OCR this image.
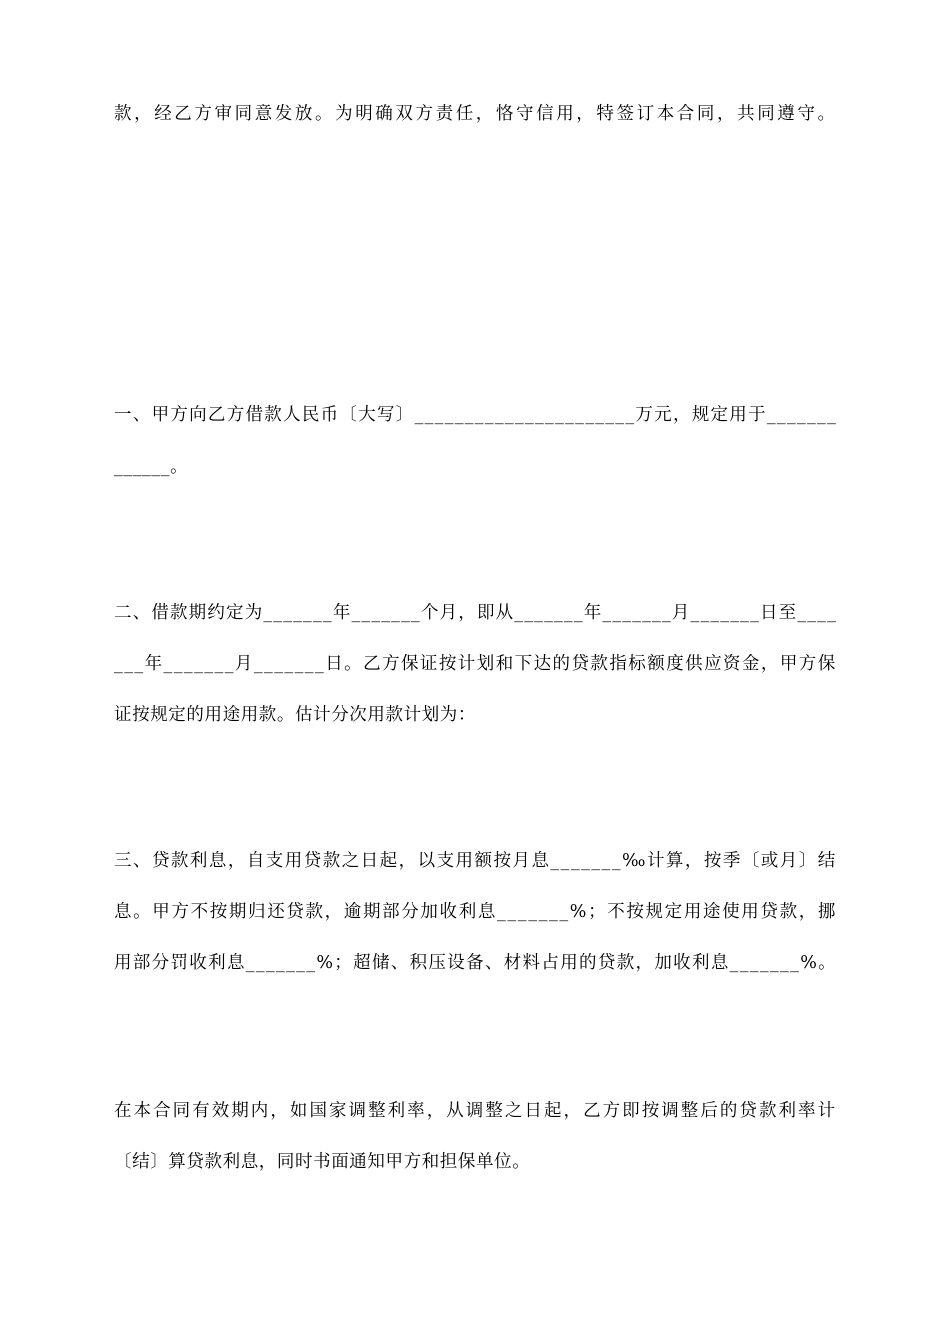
款，经乙方审同意发放。为明确双方责任，恪守信用，特签订本合同，共同遵守。
一、甲方向乙方借款人民币〔大写〕______________________万元，规定用于_______
______。
二、借款期约定为_______年_______个月，即从_______年_______月_______日至____
___年_______月_______日。乙方保证按计划和下达的贷款指标额度供应资金，甲方保
证按规定的用途用款。估计分次用款计划为：
三、贷款利息，自支用贷款之日起，以支用额按月息_______‰计算，按季〔或月〕结
息。甲方不按期归还贷款，逾期部分加收利息_______%；不按规定用途使用贷款，挪
用部分罚收利息_______%；超储、积压设备、材料占用的贷款，加收利息_______%。
在本合同有效期内，如国家调整利率，从调整之日起，乙方即按调整后的贷款利率计
〔结〕算贷款利息，同时书面通知甲方和担保单位。
